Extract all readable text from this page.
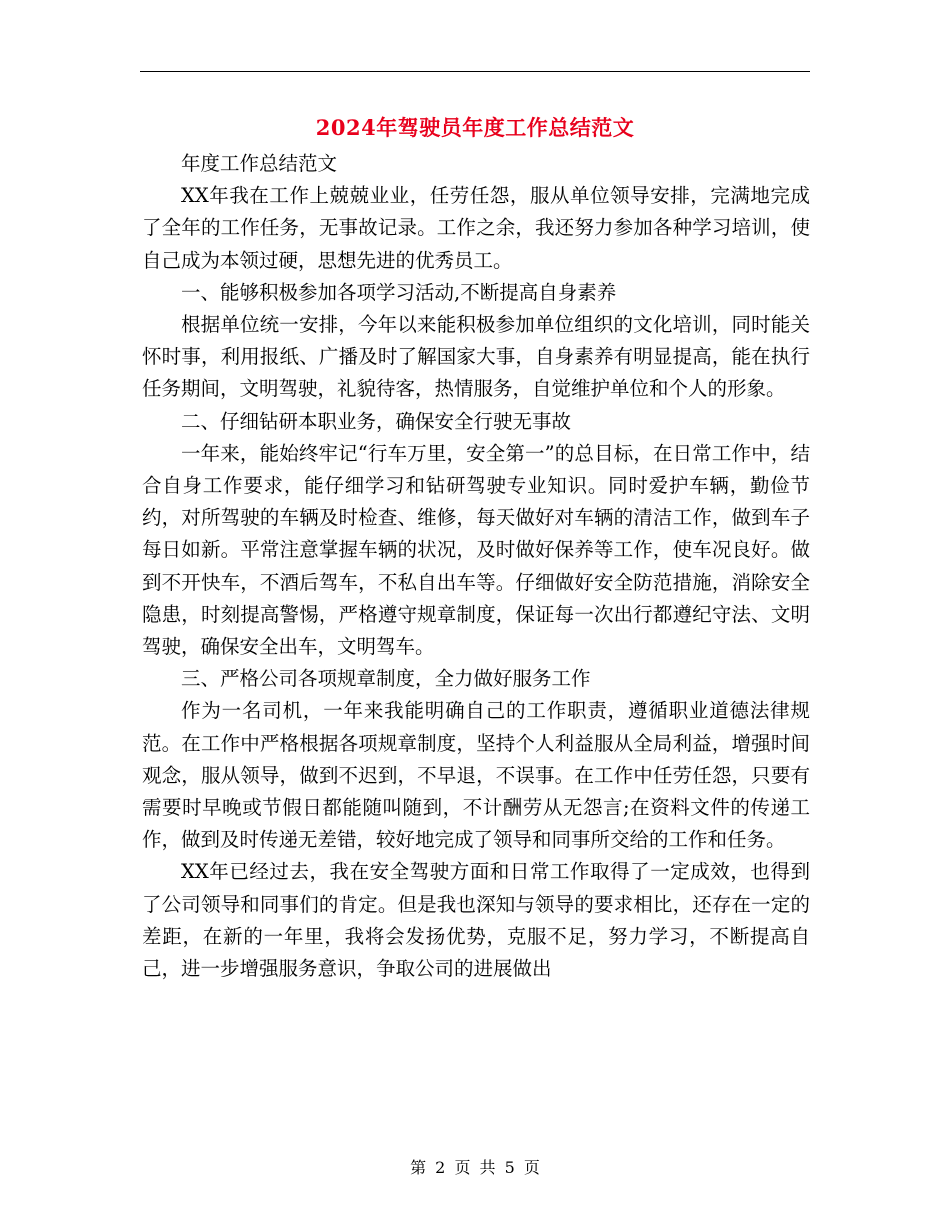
2024年驾驶员年度工作总结范文

年度工作总结范文

XX年我在工作上兢兢业业，任劳任怨，服从单位领导安排，完满地完成了全年的工作任务，无事故记录。工作之余，我还努力参加各种学习培训，使自己成为本领过硬，思想先进的优秀员工。

一、能够积极参加各项学习活动,不断提高自身素养

根据单位统一安排，今年以来能积极参加单位组织的文化培训，同时能关怀时事，利用报纸、广播及时了解国家大事，自身素养有明显提高，能在执行任务期间，文明驾驶，礼貌待客，热情服务，自觉维护单位和个人的形象。

二、仔细钻研本职业务，确保安全行驶无事故

一年来，能始终牢记“行车万里，安全第一”的总目标，在日常工作中，结合自身工作要求，能仔细学习和钻研驾驶专业知识。同时爱护车辆，勤俭节约，对所驾驶的车辆及时检查、维修，每天做好对车辆的清洁工作，做到车子每日如新。平常注意掌握车辆的状况，及时做好保养等工作，使车况良好。做到不开快车，不酒后驾车，不私自出车等。仔细做好安全防范措施，消除安全隐患，时刻提高警惕，严格遵守规章制度，保证每一次出行都遵纪守法、文明驾驶，确保安全出车，文明驾车。

三、严格公司各项规章制度，全力做好服务工作

作为一名司机，一年来我能明确自己的工作职责，遵循职业道德法律规范。在工作中严格根据各项规章制度，坚持个人利益服从全局利益，增强时间观念，服从领导，做到不迟到，不早退，不误事。在工作中任劳任怨，只要有需要时早晚或节假日都能随叫随到，不计酬劳从无怨言;在资料文件的传递工作，做到及时传递无差错，较好地完成了领导和同事所交给的工作和任务。

XX年已经过去，我在安全驾驶方面和日常工作取得了一定成效，也得到了公司领导和同事们的肯定。但是我也深知与领导的要求相比，还存在一定的差距，在新的一年里，我将会发扬优势，克服不足，努力学习，不断提高自己，进一步增强服务意识，争取公司的进展做出

第 2 页 共 5 页
